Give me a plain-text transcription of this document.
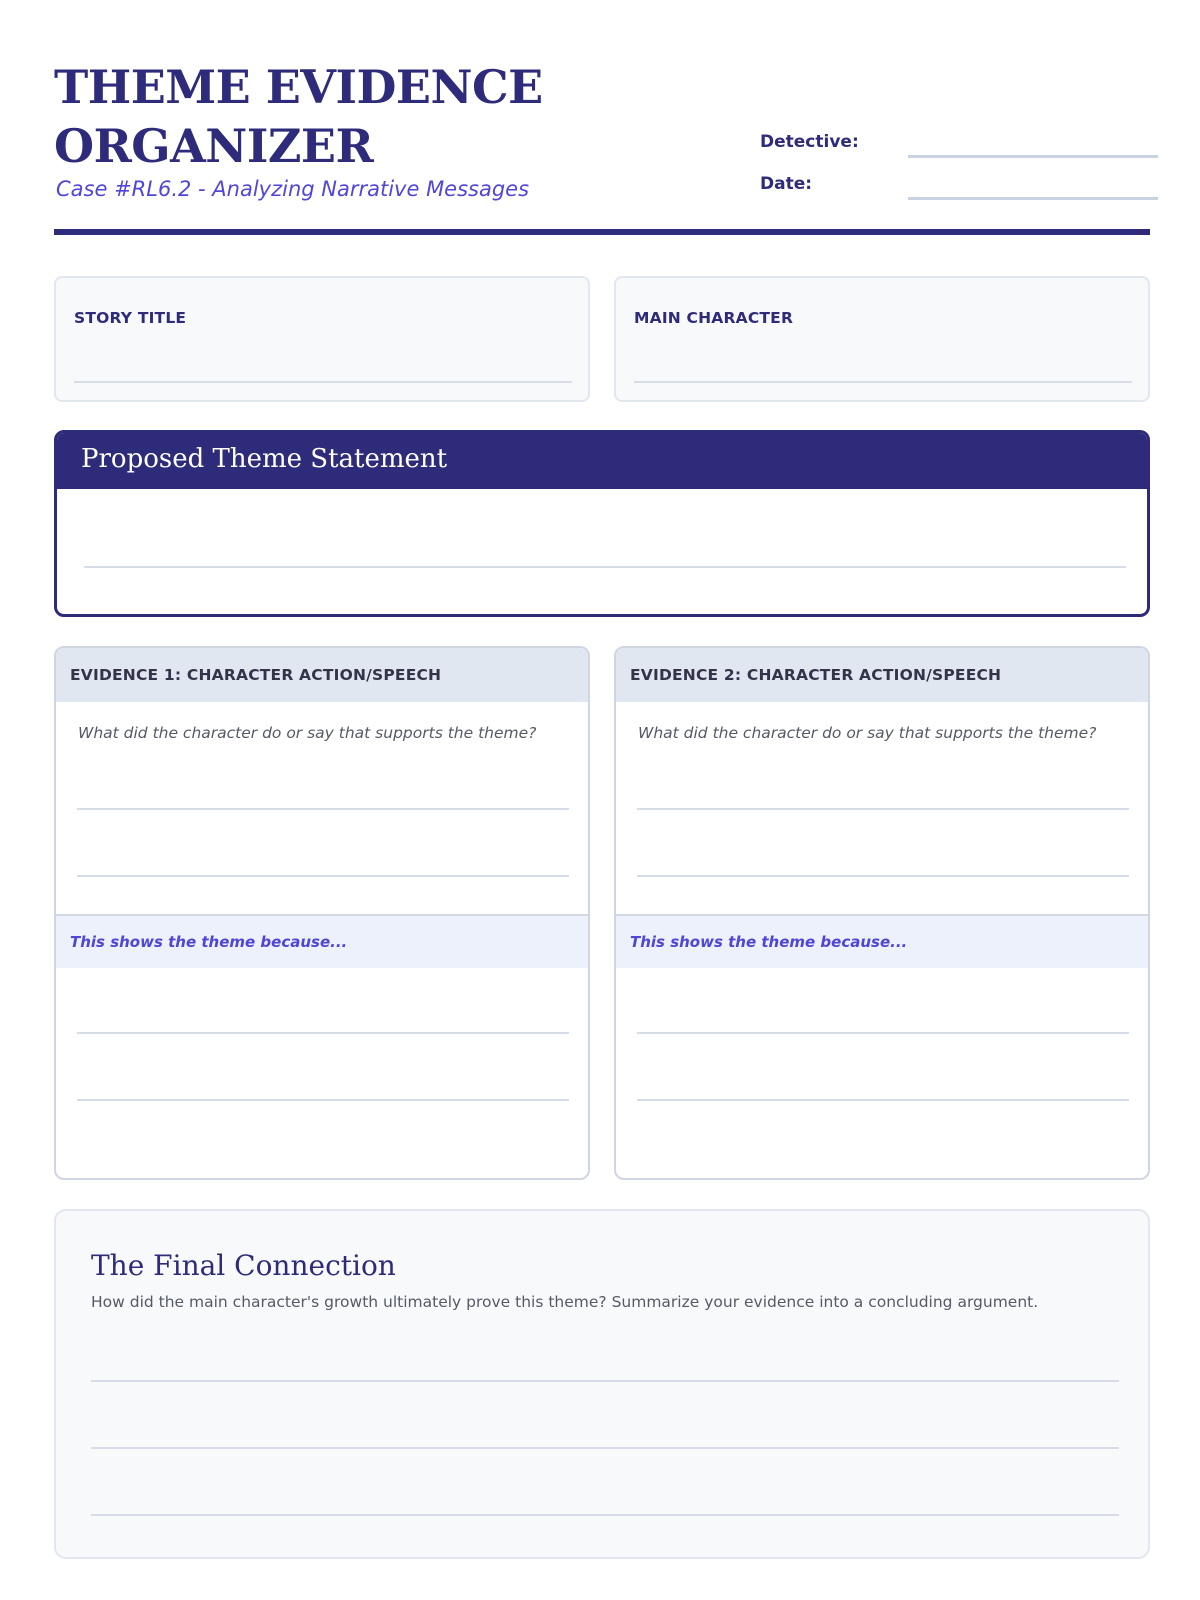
THEME EVIDENCE
ORGANIZER
Case #RL6.2 - Analyzing Narrative Messages
Detective:
Date:
STORY TITLE	MAIN CHARACTER
Proposed Theme Statement
EVIDENCE 1: CHARACTER ACTION/SPEECH
What did the character do or say that supports the theme?
This shows the theme because...
EVIDENCE 2: CHARACTER ACTION/SPEECH
What did the character do or say that supports the theme?
This shows the theme because...
The Final Connection
How did the main character's growth ultimately prove this theme? Summarize your evidence into a concluding argument.
